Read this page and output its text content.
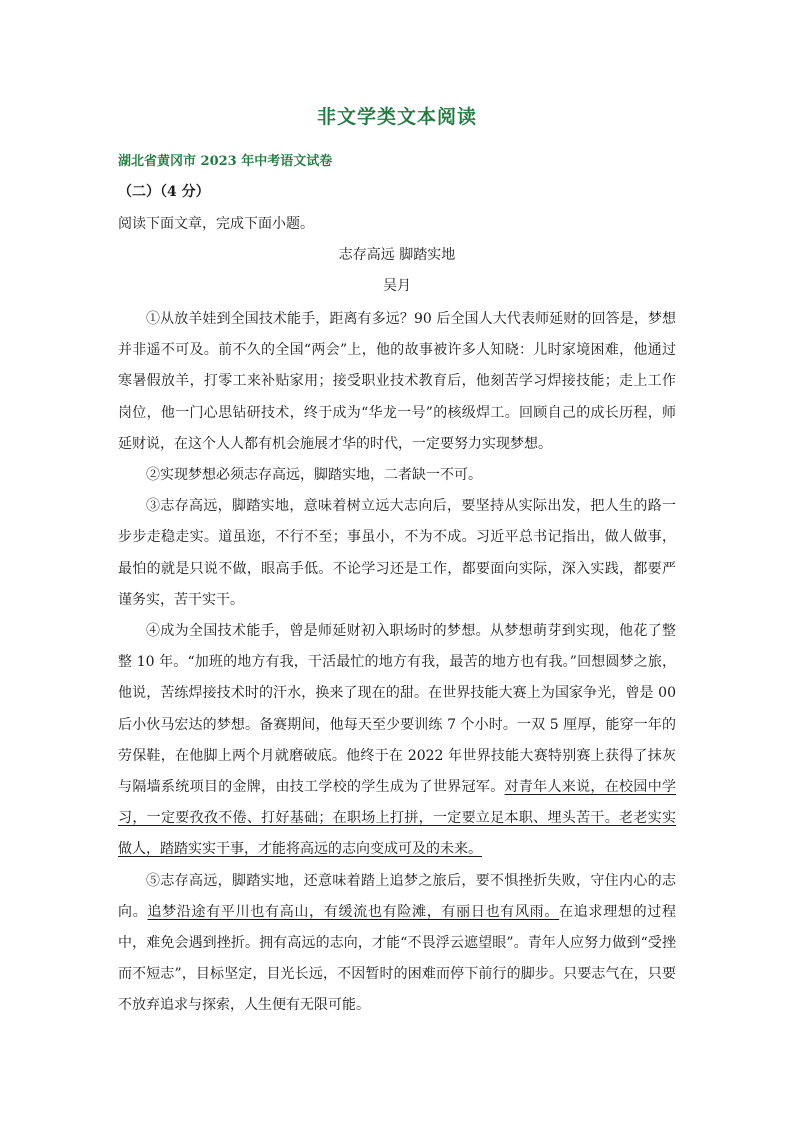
非文学类文本阅读
湖北省黄冈市 2023 年中考语文试卷
（二）（4 分）
阅读下面文章，完成下面小题。
志存高远 脚踏实地
吴月

①从放羊娃到全国技术能手，距离有多远？90 后全国人大代表师延财的回答是，梦想并非遥不可及。前不久的全国“两会”上，他的故事被许多人知晓：儿时家境困难，他通过寒暑假放羊，打零工来补贴家用；接受职业技术教育后，他刻苦学习焊接技能；走上工作岗位，他一门心思钻研技术，终于成为“华龙一号”的核级焊工。回顾自己的成长历程，师延财说，在这个人人都有机会施展才华的时代，一定要努力实现梦想。

②实现梦想必须志存高远，脚踏实地，二者缺一不可。

③志存高远，脚踏实地，意味着树立远大志向后，要坚持从实际出发，把人生的路一步步走稳走实。道虽迩，不行不至；事虽小，不为不成。习近平总书记指出，做人做事，最怕的就是只说不做，眼高手低。不论学习还是工作，都要面向实际，深入实践，都要严谨务实，苦干实干。

④成为全国技术能手，曾是师延财初入职场时的梦想。从梦想萌芽到实现，他花了整整 10 年。“加班的地方有我，干活最忙的地方有我，最苦的地方也有我。”回想圆梦之旅，他说，苦练焊接技术时的汗水，换来了现在的甜。在世界技能大赛上为国家争光，曾是 00 后小伙马宏达的梦想。备赛期间，他每天至少要训练 7 个小时。一双 5 厘厚，能穿一年的劳保鞋，在他脚上两个月就磨破底。他终于在 2022 年世界技能大赛特别赛上获得了抹灰与隔墙系统项目的金牌，由技工学校的学生成为了世界冠军。对青年人来说，在校园中学习，一定要孜孜不倦、打好基础；在职场上打拼，一定要立足本职、埋头苦干。老老实实做人，踏踏实实干事，才能将高远的志向变成可及的未来。

⑤志存高远，脚踏实地，还意味着踏上追梦之旅后，要不惧挫折失败，守住内心的志向。追梦沿途有平川也有高山，有缓流也有险滩，有丽日也有风雨。在追求理想的过程中，难免会遇到挫折。拥有高远的志向，才能“不畏浮云遮望眼”。青年人应努力做到“受挫而不短志”，目标坚定，目光长远，不因暂时的困难而停下前行的脚步。只要志气在，只要不放弃追求与探索，人生便有无限可能。
